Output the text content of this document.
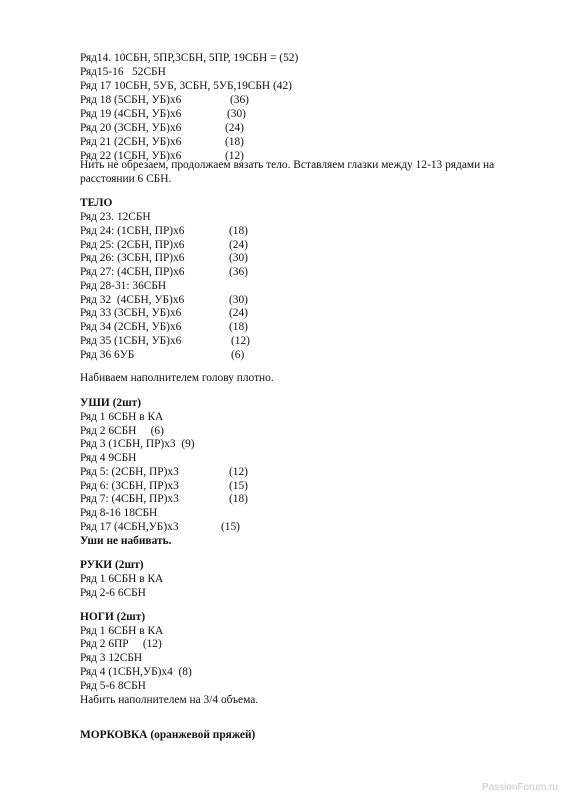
Ряд14. 10СБН, 5ПР,3СБН, 5ПР, 19СБН = (52)
Ряд15-16   52СБН
Ряд 17 10СБН, 5УБ, 3СБН, 5УБ,19СБН (42)
Ряд 18 (5СБН, УБ)х6	(36)
Ряд 19 (4СБН, УБ)х6	(30)
Ряд 20 (3СБН, УБ)х6	(24)
Ряд 21 (2СБН, УБ)х6	(18)
Ряд 22 (1СБН, УБ)х6	(12)
Нить не обрезаем, продолжаем вязать тело. Вставляем глазки между 12-13 рядами на расстоянии 6 СБН.
ТЕЛО
Ряд 23. 12СБН
Ряд 24: (1СБН, ПР)х6	(18)
Ряд 25: (2СБН, ПР)х6	(24)
Ряд 26: (3СБН, ПР)х6	(30)
Ряд 27: (4СБН, ПР)х6	(36)
Ряд 28-31: 36СБН
Ряд 32  (4СБН, УБ)х6	(30)
Ряд 33 (3СБН, УБ)х6	(24)
Ряд 34 (2СБН, УБ)х6	(18)
Ряд 35 (1СБН, УБ)х6	(12)
Ряд 36 6УБ	(6)
Набиваем наполнителем голову плотно.
УШИ (2шт)
Ряд 1 6СБН в КА
Ряд 2 6СБН     (6)
Ряд 3 (1СБН, ПР)х3  (9)
Ряд 4 9СБН
Ряд 5: (2СБН, ПР)х3	(12)
Ряд 6: (3СБН, ПР)х3	(15)
Ряд 7: (4СБН, ПР)х3	(18)
Ряд 8-16 18СБН
Ряд 17 (4СБН,УБ)х3	(15)
Уши не набивать.
РУКИ (2шт)
Ряд 1 6СБН в КА
Ряд 2-6 6СБН
НОГИ (2шт)
Ряд 1 6СБН в КА
Ряд 2 6ПР     (12)
Ряд 3 12СБН
Ряд 4 (1СБН,УБ)х4  (8)
Ряд 5-6 8СБН
Набить наполнителем на 3/4 объема.
МОРКОВКА (оранжевой пряжей)
PassionForum.ru
